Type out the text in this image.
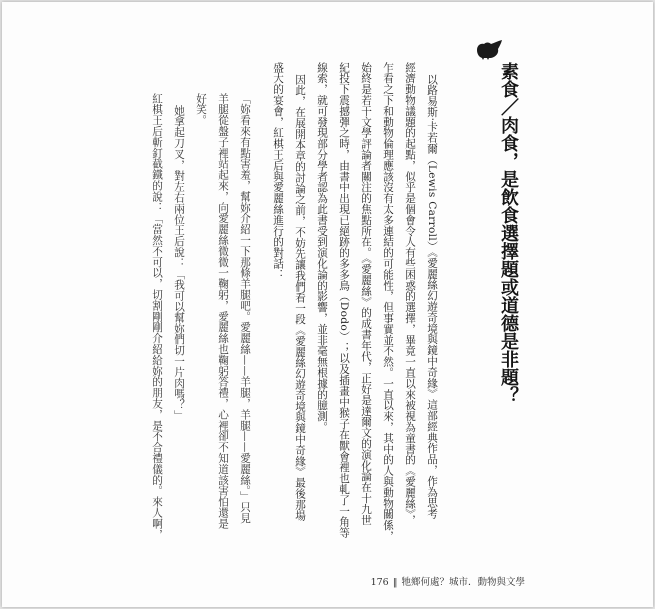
素食／肉食，是飲食選擇題或道德是非題？
以路易斯‧卡若爾（Lewis Carroll）《愛麗絲幻遊奇境與鏡中奇緣》這部經典作品，作為思考
經濟動物議題的起點，似乎是個會令人有些困惑的選擇，畢竟一直以來被視為童書的《愛麗絲》，
乍看之下和動物倫理應該沒有太多連結的可能性，但事實並不然。一直以來，其中的人與動物關係，
始終是若干文學評論者關注的焦點所在。《愛麗絲》的成書年代，正好是達爾文的演化論在十九世
紀投下震撼彈之時，由書中出現已絕跡的多多鳥（Dodo）；以及插畫中猴子在獸會裡也軋了一角等
線索，就可發現部分學者認為此書受到演化論的影響，並非毫無根據的臆測。
因此，在展開本章的討論之前，不妨先讓我們看一段《愛麗絲幻遊奇境與鏡中奇緣》最後那場
盛大的宴會，紅棋王后與愛麗絲進行的對話：
「妳看來有點害羞，幫妳介紹一下那條羊腿吧。愛麗絲——羊腿，羊腿——愛麗絲。」只見
羊腿從盤子裡站起來，向愛麗絲微微一鞠躬，愛麗絲也鞠躬答禮，心裡卻不知道該害怕還是
好笑。
她拿起刀叉，對左右兩位王后說：「我可以幫妳們切一片肉嗎？」
紅棋王后斬釘截鐵的說：「當然不可以，切割剛剛介紹給妳的朋友，是不合禮儀的。來人啊，
176 ‖ 牠鄉何處？城市．動物與文學
